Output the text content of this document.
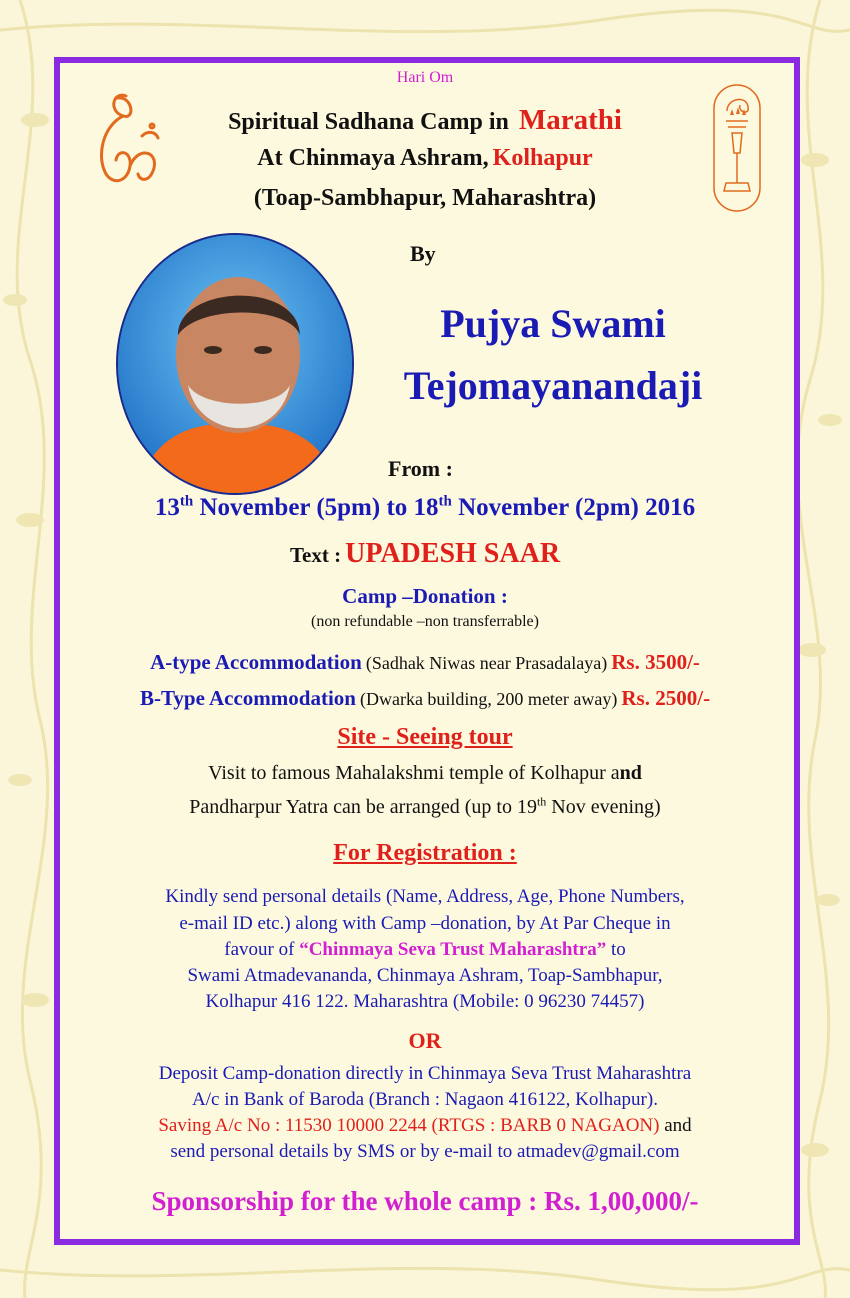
Hari Om
Spiritual Sadhana Camp in Marathi
At Chinmaya Ashram, Kolhapur
(Toap-Sambhapur, Maharashtra)
By
Pujya Swami
Tejomayanandaji
From :
13th November (5pm) to 18th November (2pm) 2016
Text : UPADESH SAAR
Camp –Donation :
(non refundable –non transferrable)
A-type Accommodation (Sadhak Niwas near Prasadalaya) Rs. 3500/-
B-Type Accommodation (Dwarka building, 200 meter away) Rs. 2500/-
Site - Seeing tour
Visit to famous Mahalakshmi temple of Kolhapur and
Pandharpur Yatra can be arranged (up to 19th Nov evening)
For Registration :
Kindly send personal details (Name, Address, Age, Phone Numbers,
e-mail ID etc.) along with Camp –donation, by At Par Cheque in
favour of “Chinmaya Seva Trust Maharashtra” to
Swami Atmadevananda, Chinmaya Ashram, Toap-Sambhapur,
Kolhapur 416 122. Maharashtra (Mobile: 0 96230 74457)
OR
Deposit Camp-donation directly in Chinmaya Seva Trust Maharashtra
A/c in Bank of Baroda (Branch : Nagaon 416122, Kolhapur).
Saving A/c No : 11530 10000 2244 (RTGS : BARB 0 NAGAON) and
send personal details by SMS or by e-mail to atmadev@gmail.com
Sponsorship for the whole camp : Rs. 1,00,000/-
